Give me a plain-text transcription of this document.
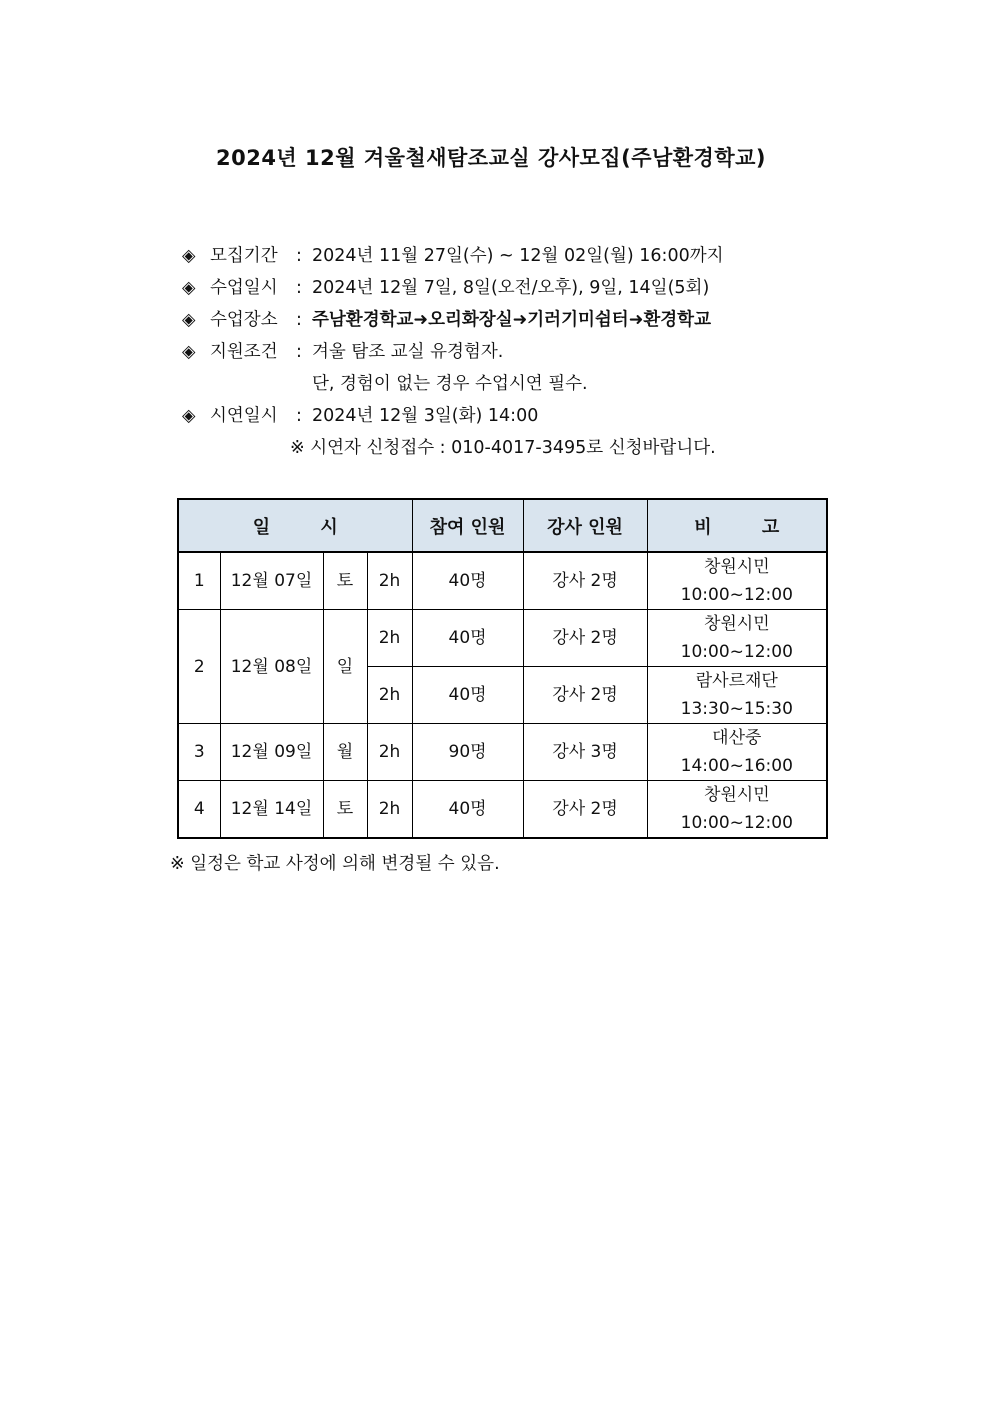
2024년 12월 겨울철새탐조교실 강사모집(주남환경학교)
◈ 모집기간 : 2024년 11월 27일(수) ~ 12월 02일(월) 16:00까지
◈ 수업일시 : 2024년 12월 7일, 8일(오전/오후), 9일, 14일(5회)
◈ 수업장소 : 주남환경학교➜오리화장실➜기러기미쉼터➜환경학교
◈ 지원조건 : 겨울 탐조 교실 유경험자.
단, 경험이 없는 경우 수업시연 필수.
◈ 시연일시 : 2024년 12월 3일(화) 14:00
※ 시연자 신청접수 : 010-4017-3495로 신청바랍니다.
일 시				참여 인원	강사 인원	비 고
1	12월 07일	토	2h	40명	강사 2명	창원시민
10:00~12:00

2	12월 08일	일	2h	40명	강사 2명	창원시민
10:00~12:00

			2h	40명	강사 2명	람사르재단
13:30~15:30

3	12월 09일	월	2h	90명	강사 3명	대산중
14:00~16:00

4	12월 14일	토	2h	40명	강사 2명	창원시민
10:00~12:00
※ 일정은 학교 사정에 의해 변경될 수 있음.
